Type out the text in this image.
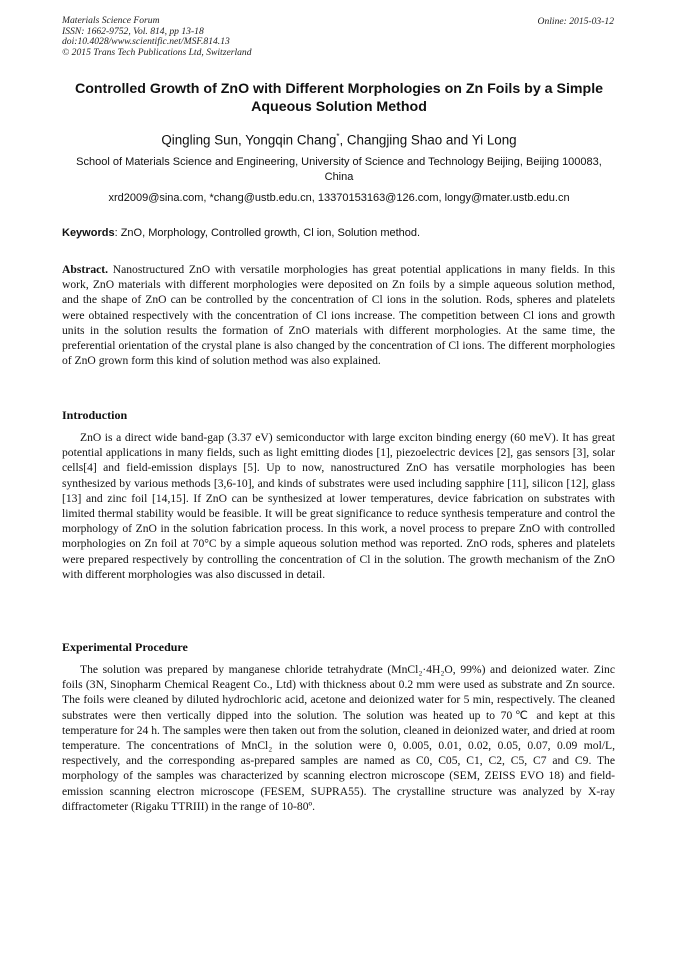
Materials Science Forum
ISSN: 1662-9752, Vol. 814, pp 13-18
doi:10.4028/www.scientific.net/MSF.814.13
© 2015 Trans Tech Publications Ltd, Switzerland
Online: 2015-03-12
Controlled Growth of ZnO with Different Morphologies on Zn Foils by a Simple Aqueous Solution Method
Qingling Sun, Yongqin Chang*, Changjing Shao and Yi Long
School of Materials Science and Engineering, University of Science and Technology Beijing, Beijing 100083, China
xrd2009@sina.com, *chang@ustb.edu.cn, 13370153163@126.com, longy@mater.ustb.edu.cn
Keywords: ZnO, Morphology, Controlled growth, Cl ion, Solution method.
Abstract. Nanostructured ZnO with versatile morphologies has great potential applications in many fields. In this work, ZnO materials with different morphologies were deposited on Zn foils by a simple aqueous solution method, and the shape of ZnO can be controlled by the concentration of Cl ions in the solution. Rods, spheres and platelets were obtained respectively with the concentration of Cl ions increase. The competition between Cl ions and growth units in the solution results the formation of ZnO materials with different morphologies. At the same time, the preferential orientation of the crystal plane is also changed by the concentration of Cl ions. The different morphologies of ZnO grown form this kind of solution method was also explained.
Introduction
ZnO is a direct wide band-gap (3.37 eV) semiconductor with large exciton binding energy (60 meV). It has great potential applications in many fields, such as light emitting diodes [1], piezoelectric devices [2], gas sensors [3], solar cells[4] and field-emission displays [5]. Up to now, nanostructured ZnO has versatile morphologies has been synthesized by various methods [3,6-10], and kinds of substrates were used including sapphire [11], silicon [12], glass [13] and zinc foil [14,15]. If ZnO can be synthesized at lower temperatures, device fabrication on substrates with limited thermal stability would be feasible. It will be great significance to reduce synthesis temperature and control the morphology of ZnO in the solution fabrication process. In this work, a novel process to prepare ZnO with controlled morphologies on Zn foil at 70°C by a simple aqueous solution method was reported. ZnO rods, spheres and platelets were prepared respectively by controlling the concentration of Cl in the solution. The growth mechanism of the ZnO with different morphologies was also discussed in detail.
Experimental Procedure
The solution was prepared by manganese chloride tetrahydrate (MnCl₂·4H₂O, 99%) and deionized water. Zinc foils (3N, Sinopharm Chemical Reagent Co., Ltd) with thickness about 0.2 mm were used as substrate and Zn source. The foils were cleaned by diluted hydrochloric acid, acetone and deionized water for 5 min, respectively. The cleaned substrates were then vertically dipped into the solution. The solution was heated up to 70℃ and kept at this temperature for 24 h. The samples were then taken out from the solution, cleaned in deionized water, and dried at room temperature. The concentrations of MnCl₂ in the solution were 0, 0.005, 0.01, 0.02, 0.05, 0.07, 0.09 mol/L, respectively, and the corresponding as-prepared samples are named as C0, C05, C1, C2, C5, C7 and C9. The morphology of the samples was characterized by scanning electron microscope (SEM, ZEISS EVO 18) and field-emission scanning electron microscope (FESEM, SUPRA55). The crystalline structure was analyzed by X-ray diffractometer (Rigaku TTRIII) in the range of 10-80º.
